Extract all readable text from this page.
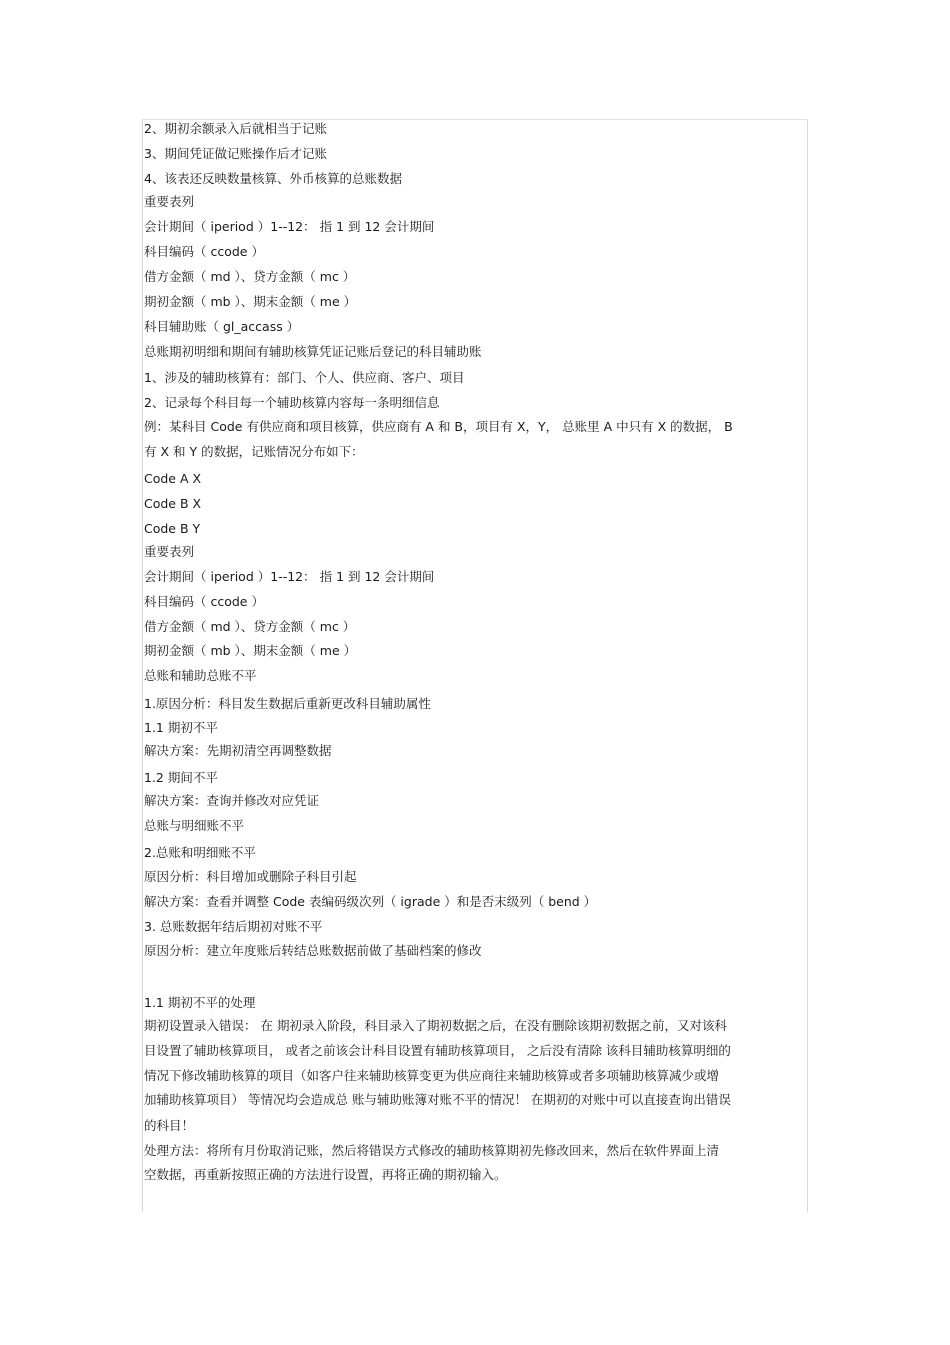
2、期初余额录入后就相当于记账
3、期间凭证做记账操作后才记账
4、该表还反映数量核算、外币核算的总账数据
重要表列
会计期间（ iperiod ）1--12： 指 1 到 12 会计期间
科目编码（ ccode ）
借方金额（ md ）、贷方金额（ mc ）
期初金额（ mb ）、期末金额（ me ）
科目辅助账（ gl_accass ）
总账期初明细和期间有辅助核算凭证记账后登记的科目辅助账
1、涉及的辅助核算有：部门、个人、供应商、客户、项目
2、记录每个科目每一个辅助核算内容每一条明细信息
例：某科目 Code 有供应商和项目核算，供应商有 A 和 B，项目有 X，Y， 总账里 A 中只有 X 的数据， B
有 X 和 Y 的数据，记账情况分布如下：
Code A X
Code B X
Code B Y
重要表列
会计期间（ iperiod ）1--12： 指 1 到 12 会计期间
科目编码（ ccode ）
借方金额（ md ）、贷方金额（ mc ）
期初金额（ mb ）、期末金额（ me ）
总账和辅助总账不平
1.原因分析：科目发生数据后重新更改科目辅助属性
1.1 期初不平
解决方案：先期初清空再调整数据
1.2 期间不平
解决方案：查询并修改对应凭证
总账与明细账不平
2.总账和明细账不平
原因分析：科目增加或删除子科目引起
解决方案：查看并调整 Code 表编码级次列（ igrade ）和是否末级列（ bend ）
3. 总账数据年结后期初对账不平
原因分析：建立年度账后转结总账数据前做了基础档案的修改
1.1 期初不平的处理
期初设置录入错误： 在 期初录入阶段，科目录入了期初数据之后，在没有删除该期初数据之前，又对该科
目设置了辅助核算项目， 或者之前该会计科目设置有辅助核算项目， 之后没有清除 该科目辅助核算明细的
情况下修改辅助核算的项目（如客户往来辅助核算变更为供应商往来辅助核算或者多项辅助核算减少或增
加辅助核算项目） 等情况均会造成总 账与辅助账簿对账不平的情况！ 在期初的对账中可以直接查询出错误
的科目！
处理方法：将所有月份取消记账，然后将错误方式修改的辅助核算期初先修改回来，然后在软件界面上清
空数据，再重新按照正确的方法进行设置，再将正确的期初输入。
